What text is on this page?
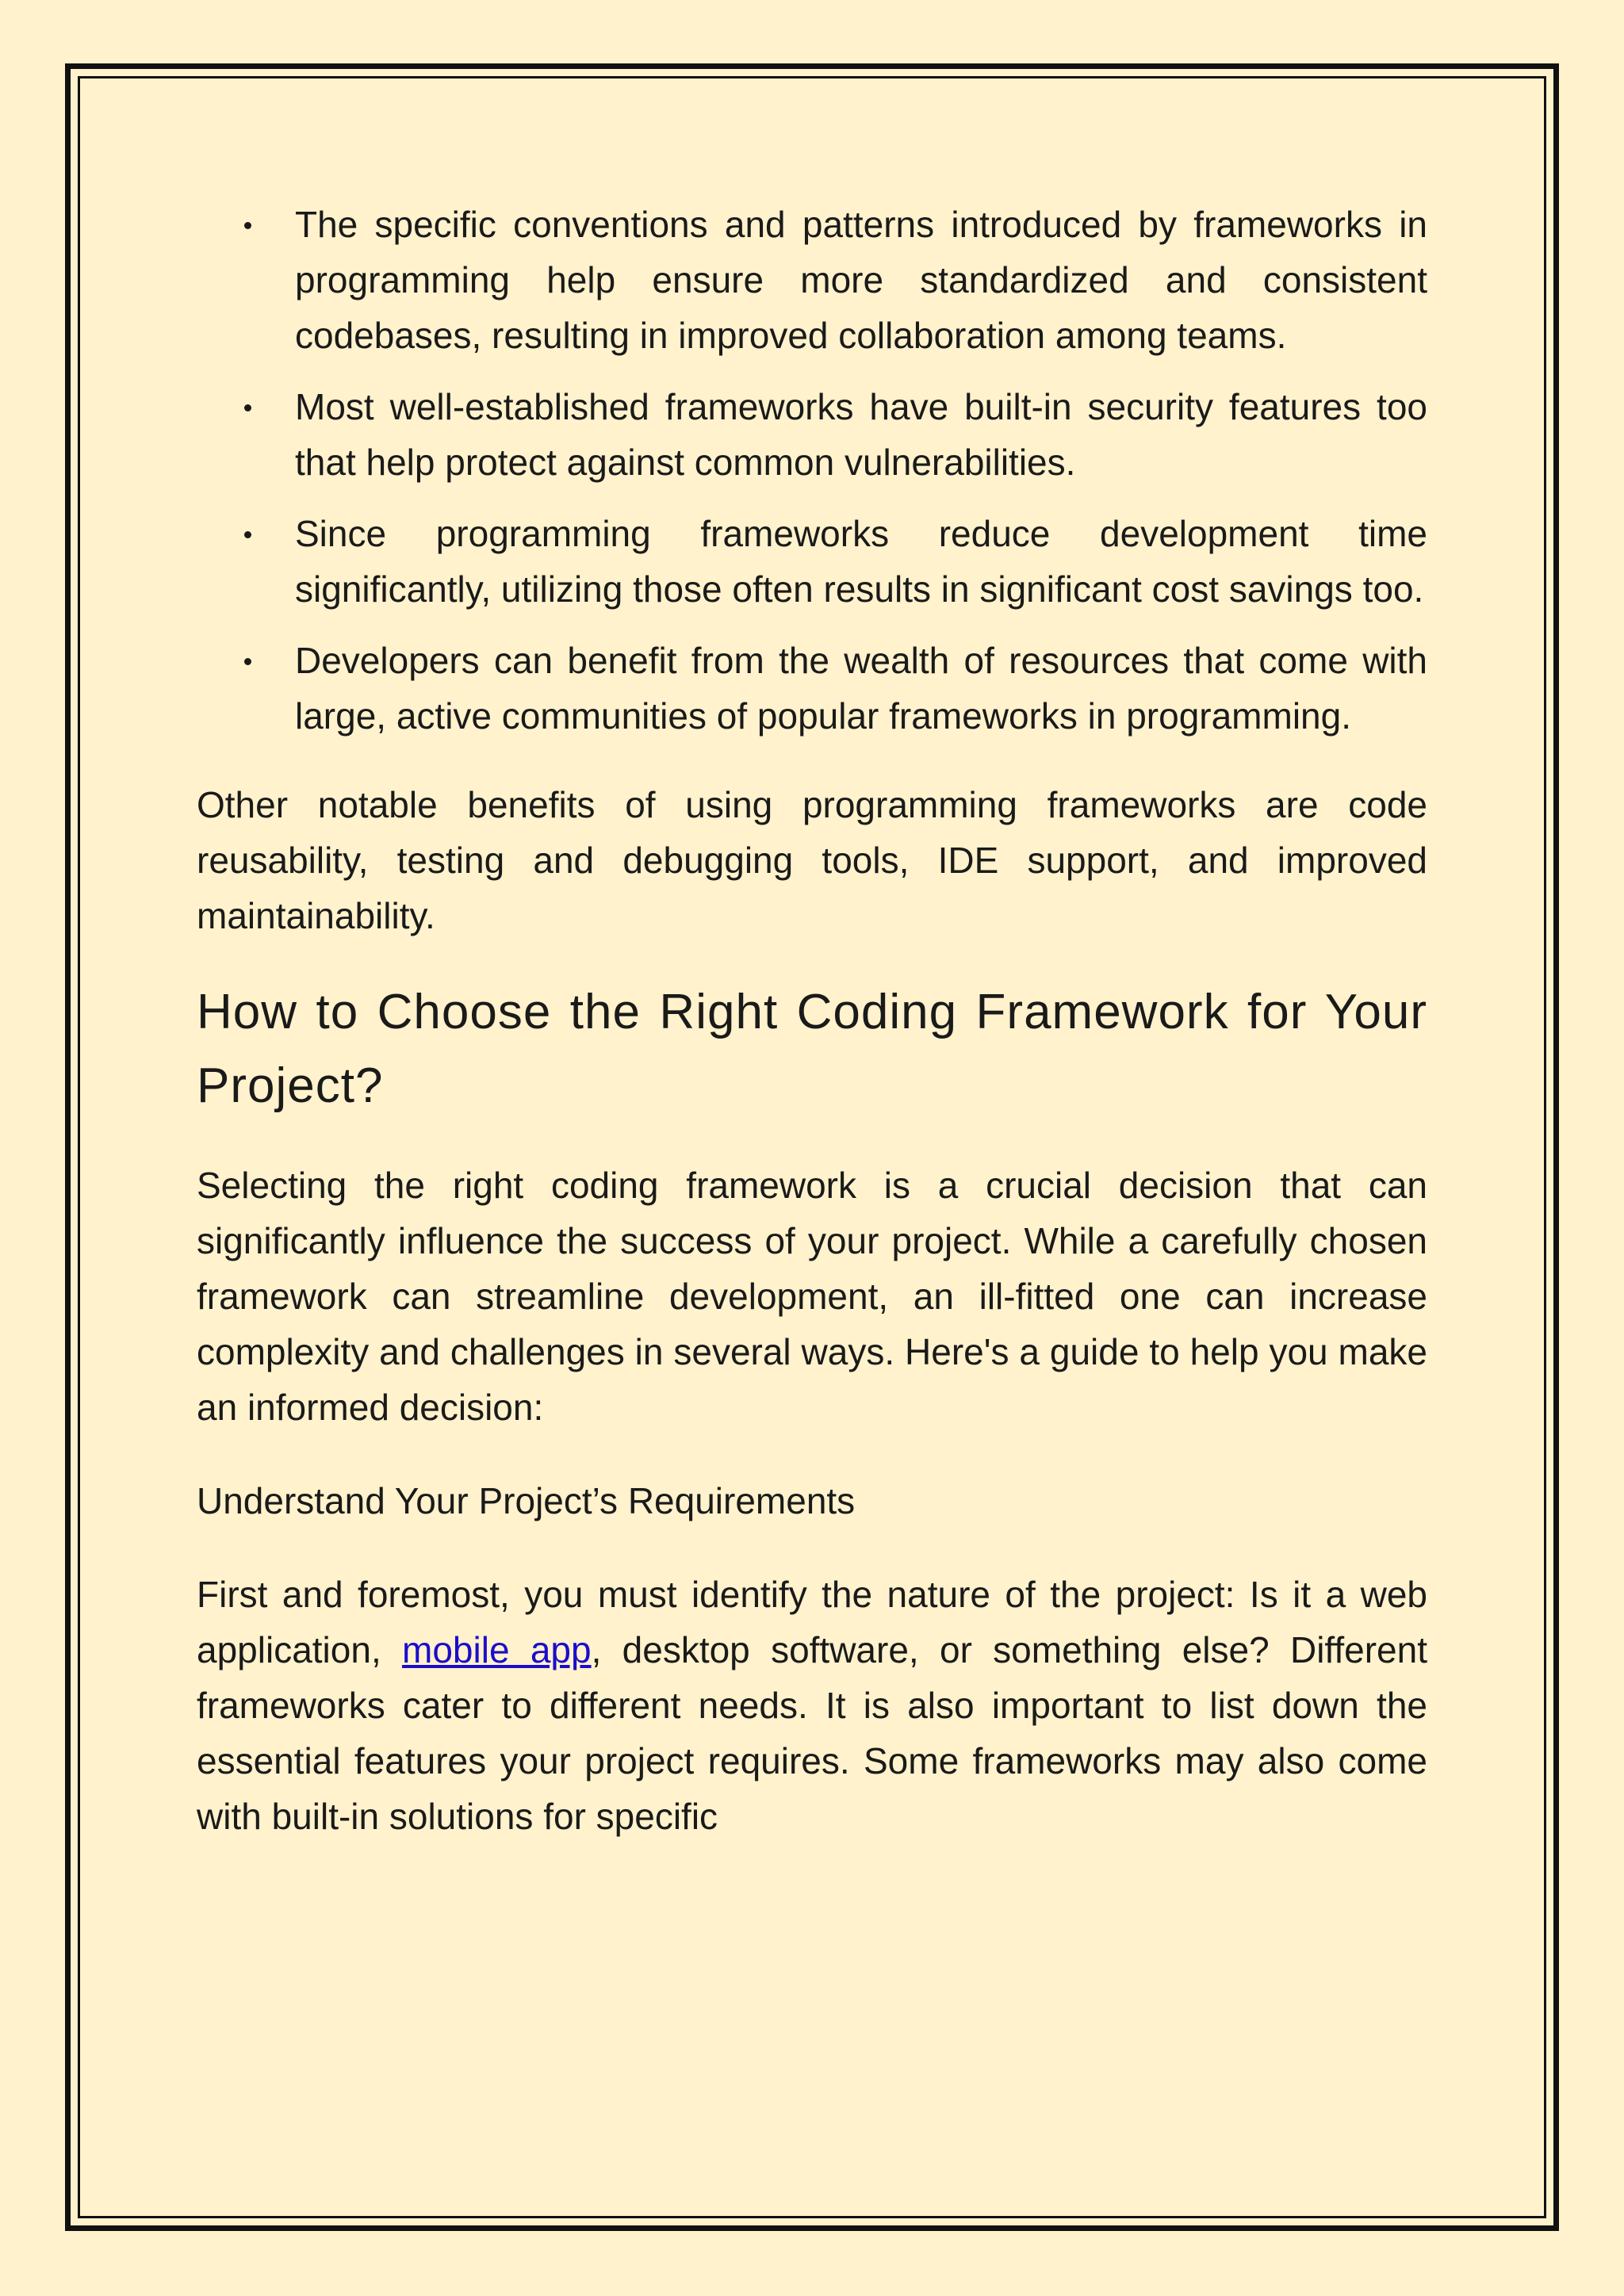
The specific conventions and patterns introduced by frameworks in programming help ensure more standardized and consistent codebases, resulting in improved collaboration among teams.
Most well-established frameworks have built-in security features too that help protect against common vulnerabilities.
Since programming frameworks reduce development time significantly, utilizing those often results in significant cost savings too.
Developers can benefit from the wealth of resources that come with large, active communities of popular frameworks in programming.

Other notable benefits of using programming frameworks are code reusability, testing and debugging tools, IDE support, and improved maintainability.

How to Choose the Right Coding Framework for Your Project?

Selecting the right coding framework is a crucial decision that can significantly influence the success of your project. While a carefully chosen framework can streamline development, an ill-fitted one can increase complexity and challenges in several ways. Here's a guide to help you make an informed decision:

Understand Your Project’s Requirements

First and foremost, you must identify the nature of the project: Is it a web application, mobile app, desktop software, or something else? Different frameworks cater to different needs. It is also important to list down the essential features your project requires. Some frameworks may also come with built-in solutions for specific
